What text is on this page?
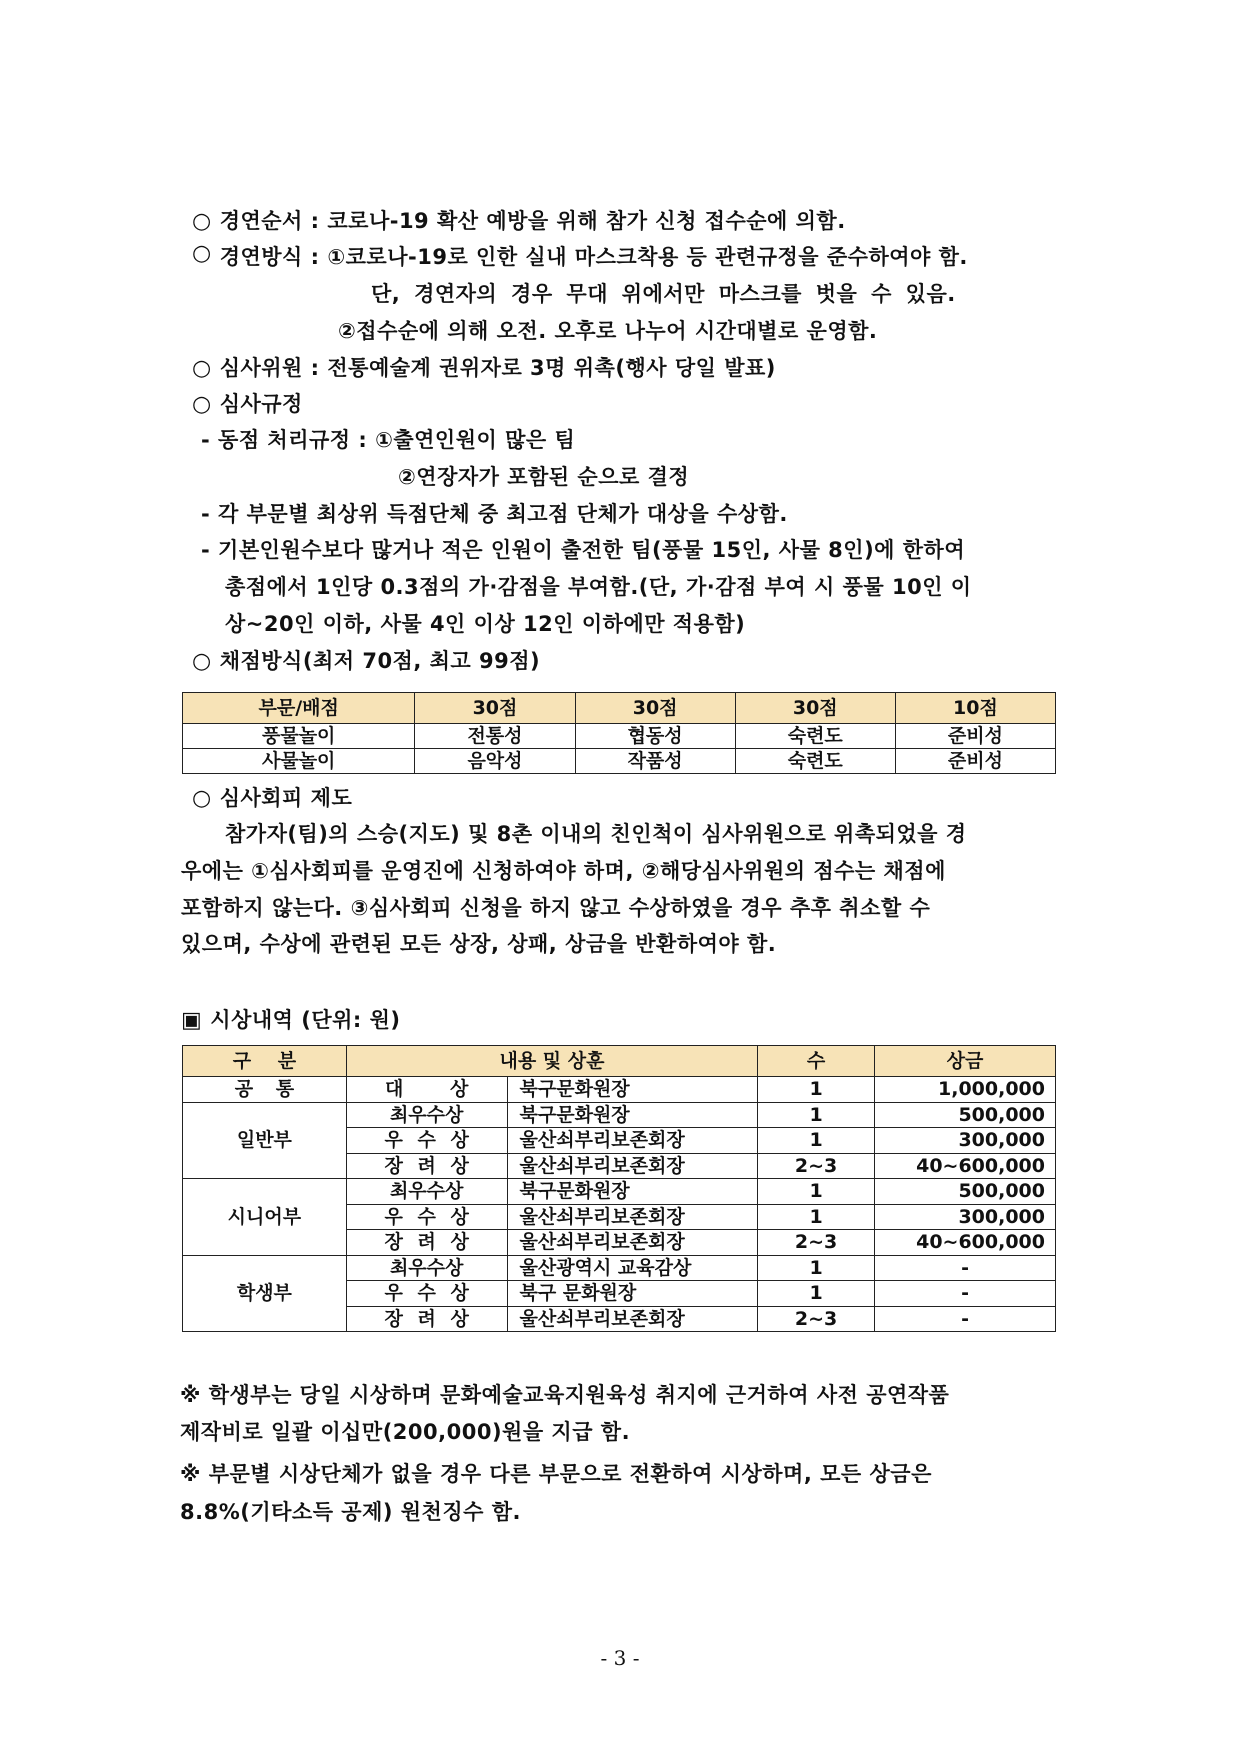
○ 경연순서 : 코로나-19 확산 예방을 위해 참가 신청 접수순에 의함.
○ 경연방식 : ①코로나-19로 인한 실내 마스크착용 등 관련규정을 준수하여야 함.
단, 경연자의 경우 무대 위에서만 마스크를 벗을 수 있음.
②접수순에 의해 오전. 오후로 나누어 시간대별로 운영함.
○ 심사위원 : 전통예술계 권위자로 3명 위촉(행사 당일 발표)
○ 심사규정
- 동점 처리규정 : ①출연인원이 많은 팀
②연장자가 포함된 순으로 결정
- 각 부문별 최상위 득점단체 중 최고점 단체가 대상을 수상함.
- 기본인원수보다 많거나 적은 인원이 출전한 팀(풍물 15인, 사물 8인)에 한하여
총점에서 1인당 0.3점의 가·감점을 부여함.(단, 가·감점 부여 시 풍물 10인 이
상~20인 이하, 사물 4인 이상 12인 이하에만 적용함)
○ 채점방식(최저 70점, 최고 99점)
부문/배점	30점	30점	30점	10점
풍물놀이	전통성	협동성	숙련도	준비성
사물놀이	음악성	작품성	숙련도	준비성
○ 심사회피 제도
참가자(팀)의 스승(지도) 및 8촌 이내의 친인척이 심사위원으로 위촉되었을 경
우에는 ①심사회피를 운영진에 신청하여야 하며, ②해당심사위원의 점수는 채점에
포함하지 않는다. ③심사회피 신청을 하지 않고 수상하였을 경우 추후 취소할 수
있으며, 수상에 관련된 모든 상장, 상패, 상금을 반환하여야 함.
▣ 시상내역 (단위: 원)
구 분	내용 및 상훈		수	상금
공 통	대 상	북구문화원장	1	1,000,000
일반부	최우수상	북구문화원장	1	500,000
	우 수 상	울산쇠부리보존회장	1	300,000
	장 려 상	울산쇠부리보존회장	2~3	40~600,000
시니어부	최우수상	북구문화원장	1	500,000
	우 수 상	울산쇠부리보존회장	1	300,000
	장 려 상	울산쇠부리보존회장	2~3	40~600,000
학생부	최우수상	울산광역시 교육감상	1	-
	우 수 상	북구 문화원장	1	-
	장 려 상	울산쇠부리보존회장	2~3	-
※ 학생부는 당일 시상하며 문화예술교육지원육성 취지에 근거하여 사전 공연작품
제작비로 일괄 이십만(200,000)원을 지급 함.
※ 부문별 시상단체가 없을 경우 다른 부문으로 전환하여 시상하며, 모든 상금은
8.8%(기타소득 공제) 원천징수 함.
- 3 -
